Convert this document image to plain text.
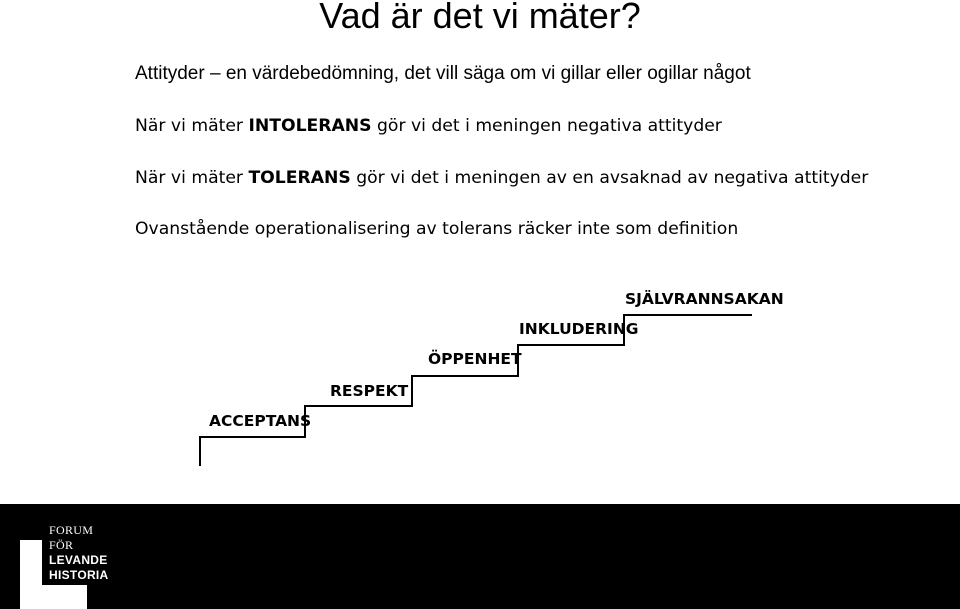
Vad är det vi mäter?
Attityder – en värdebedömning, det vill säga om vi gillar eller ogillar något
När vi mäter INTOLERANS gör vi det i meningen negativa attityder
När vi mäter TOLERANS gör vi det i meningen av en avsaknad av negativa attityder
Ovanstående operationalisering av tolerans räcker inte som definition
ACCEPTANS
RESPEKT
ÖPPENHET
INKLUDERING
SJÄLVRANNSAKAN
FORUM
FÖR
LEVANDE
HISTORIA
